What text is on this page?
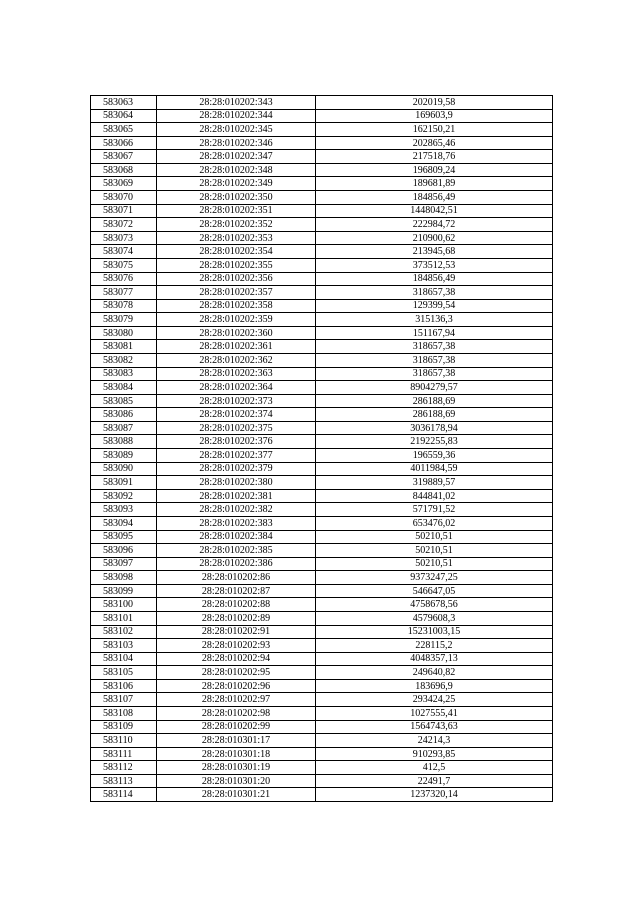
583063	28:28:010202:343	202019,58
583064	28:28:010202:344	169603,9
583065	28:28:010202:345	162150,21
583066	28:28:010202:346	202865,46
583067	28:28:010202:347	217518,76
583068	28:28:010202:348	196809,24
583069	28:28:010202:349	189681,89
583070	28:28:010202:350	184856,49
583071	28:28:010202:351	1448042,51
583072	28:28:010202:352	222984,72
583073	28:28:010202:353	210900,62
583074	28:28:010202:354	213945,68
583075	28:28:010202:355	373512,53
583076	28:28:010202:356	184856,49
583077	28:28:010202:357	318657,38
583078	28:28:010202:358	129399,54
583079	28:28:010202:359	315136,3
583080	28:28:010202:360	151167,94
583081	28:28:010202:361	318657,38
583082	28:28:010202:362	318657,38
583083	28:28:010202:363	318657,38
583084	28:28:010202:364	8904279,57
583085	28:28:010202:373	286188,69
583086	28:28:010202:374	286188,69
583087	28:28:010202:375	3036178,94
583088	28:28:010202:376	2192255,83
583089	28:28:010202:377	196559,36
583090	28:28:010202:379	4011984,59
583091	28:28:010202:380	319889,57
583092	28:28:010202:381	844841,02
583093	28:28:010202:382	571791,52
583094	28:28:010202:383	653476,02
583095	28:28:010202:384	50210,51
583096	28:28:010202:385	50210,51
583097	28:28:010202:386	50210,51
583098	28:28:010202:86	9373247,25
583099	28:28:010202:87	546647,05
583100	28:28:010202:88	4758678,56
583101	28:28:010202:89	4579608,3
583102	28:28:010202:91	15231003,15
583103	28:28:010202:93	228115,2
583104	28:28:010202:94	4048357,13
583105	28:28:010202:95	249640,82
583106	28:28:010202:96	183696,9
583107	28:28:010202:97	293424,25
583108	28:28:010202:98	1027555,41
583109	28:28:010202:99	1564743,63
583110	28:28:010301:17	24214,3
583111	28:28:010301:18	910293,85
583112	28:28:010301:19	412,5
583113	28:28:010301:20	22491,7
583114	28:28:010301:21	1237320,14
